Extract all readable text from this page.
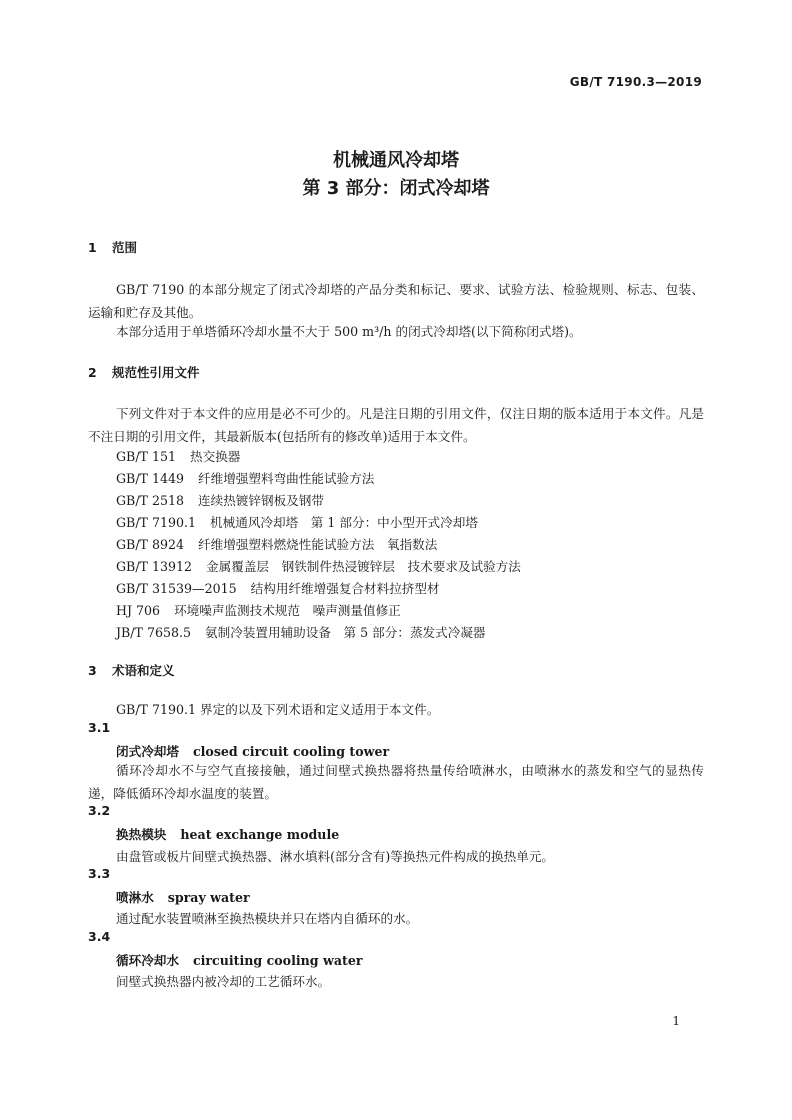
GB/T 7190.3—2019
机械通风冷却塔
第 3 部分：闭式冷却塔
1 范围
GB/T 7190 的本部分规定了闭式冷却塔的产品分类和标记、要求、试验方法、检验规则、标志、包装、运输和贮存及其他。
本部分适用于单塔循环冷却水量不大于 500 m³/h 的闭式冷却塔(以下简称闭式塔)。
2 规范性引用文件
下列文件对于本文件的应用是必不可少的。凡是注日期的引用文件，仅注日期的版本适用于本文件。凡是不注日期的引用文件，其最新版本(包括所有的修改单)适用于本文件。
GB/T 151 热交换器
GB/T 1449 纤维增强塑料弯曲性能试验方法
GB/T 2518 连续热镀锌钢板及钢带
GB/T 7190.1 机械通风冷却塔　第 1 部分：中小型开式冷却塔
GB/T 8924 纤维增强塑料燃烧性能试验方法　氧指数法
GB/T 13912 金属覆盖层　钢铁制件热浸镀锌层　技术要求及试验方法
GB/T 31539—2015 结构用纤维增强复合材料拉挤型材
HJ 706 环境噪声监测技术规范　噪声测量值修正
JB/T 7658.5 氨制冷装置用辅助设备　第 5 部分：蒸发式冷凝器
3 术语和定义
GB/T 7190.1 界定的以及下列术语和定义适用于本文件。
3.1
闭式冷却塔 closed circuit cooling tower
循环冷却水不与空气直接接触，通过间壁式换热器将热量传给喷淋水，由喷淋水的蒸发和空气的显热传递，降低循环冷却水温度的装置。
3.2
换热模块 heat exchange module
由盘管或板片间壁式换热器、淋水填料(部分含有)等换热元件构成的换热单元。
3.3
喷淋水 spray water
通过配水装置喷淋至换热模块并只在塔内自循环的水。
3.4
循环冷却水 circuiting cooling water
间壁式换热器内被冷却的工艺循环水。
1
